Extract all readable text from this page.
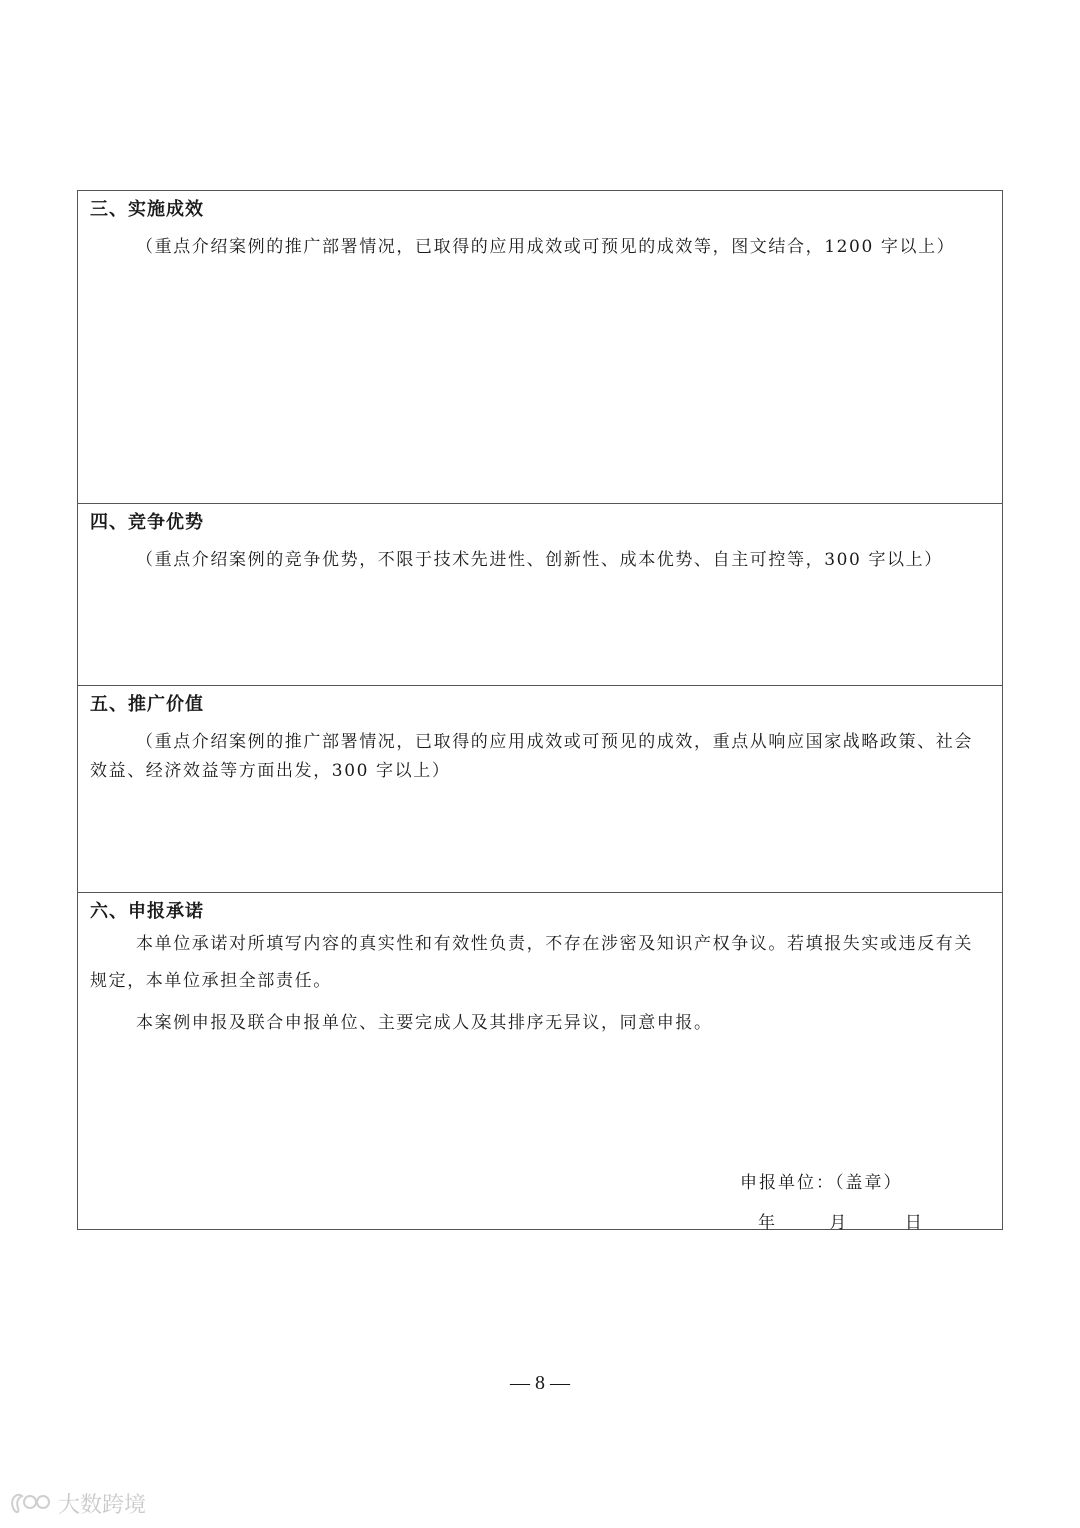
三、实施成效
（重点介绍案例的推广部署情况，已取得的应用成效或可预见的成效等，图文结合，1200 字以上）
四、竞争优势
（重点介绍案例的竞争优势，不限于技术先进性、创新性、成本优势、自主可控等，300 字以上）
五、推广价值
（重点介绍案例的推广部署情况，已取得的应用成效或可预见的成效，重点从响应国家战略政策、社会效益、经济效益等方面出发，300 字以上）
六、申报承诺
本单位承诺对所填写内容的真实性和有效性负责，不存在涉密及知识产权争议。若填报失实或违反有关规定，本单位承担全部责任。
本案例申报及联合申报单位、主要完成人及其排序无异议，同意申报。
申报单位：（盖章）
年	月	日
— 8 —
大数跨境
